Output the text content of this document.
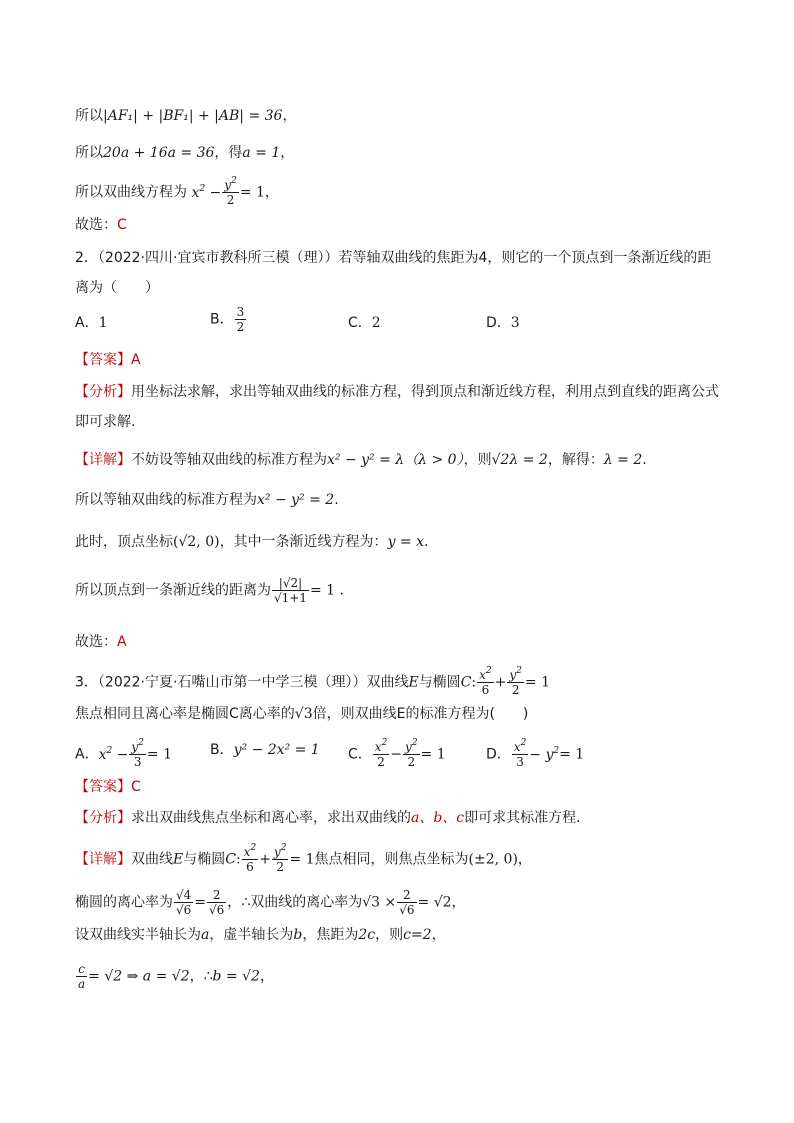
所以|AF₁| + |BF₁| + |AB| = 36，
所以20a + 16a = 36，得a = 1，
所以双曲线方程为 $x^2 - \frac{y^2}{2} = 1$，
故选：C
2．（2022·四川·宜宾市教科所三模（理））若等轴双曲线的焦距为4，则它的一个顶点到一条渐近线的距
离为（　　）
A．1	B． $\frac{3}{2}$	C．2	D．3
【答案】A
【分析】用坐标法求解，求出等轴双曲线的标准方程，得到顶点和渐近线方程，利用点到直线的距离公式
即可求解.
【详解】不妨设等轴双曲线的标准方程为x² − y² = λ（λ > 0），则√2λ = 2，解得：λ = 2.
所以等轴双曲线的标准方程为x² − y² = 2.
此时，顶点坐标(√2, 0)，其中一条渐近线方程为：y = x.
所以顶点到一条渐近线的距离为 $\frac{|√2|}{√1+1} = 1$ .
故选：A
3．（2022·宁夏·石嘴山市第一中学三模（理））双曲线E与椭圆C: $\frac{x^2}{6} + \frac{y^2}{2} = 1$
焦点相同且离心率是椭圆C离心率的√3倍，则双曲线E的标准方程为(　　)
A．$x^2 - \frac{y^2}{3} = 1$	B．y² − 2x² = 1 C． $\frac{x^2}{2} - \frac{y^2}{2} = 1$	D． $\frac{x^2}{3} - y^2= 1$
【答案】C
【分析】求出双曲线焦点坐标和离心率，求出双曲线的a、b、c即可求其标准方程．
【详解】双曲线E与椭圆C: $\frac{x^2}{6} + \frac{y^2}{2} = 1$焦点相同，则焦点坐标为(±2, 0)，
椭圆的离心率为 $\frac{√4}{√6} = \frac{2}{√6}$ ，∴双曲线的离心率为$√3 \times \frac{2}{√6} = √2$，
设双曲线实半轴长为a，虚半轴长为b，焦距为2c，则c=2，
$\frac{c}{a} = √2$ ⇒ a = √2，∴b = √2，
